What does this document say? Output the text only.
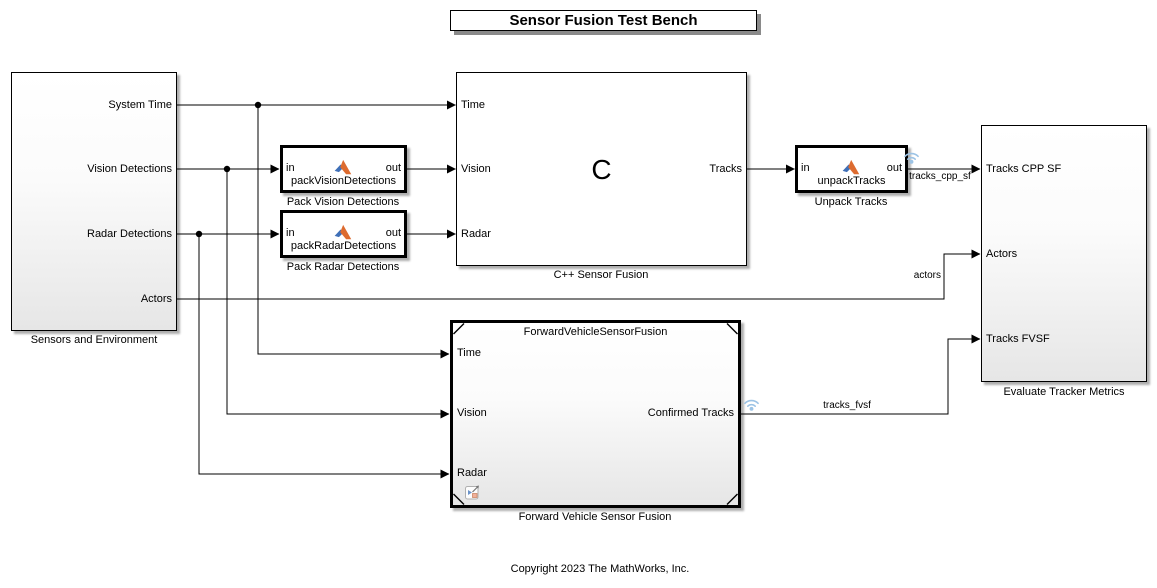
Sensor Fusion Test Bench
System Time
Vision Detections
Radar Detections
Actors
Sensors and Environment
in	out
packVisionDetections
Pack Vision Detections
in	out
packRadarDetections
Pack Radar Detections
Time
Vision
Radar
Tracks
C
C++ Sensor Fusion
in	out
unpackTracks
Unpack Tracks
ForwardVehicleSensorFusion
Time
Vision
Radar
Confirmed Tracks
Forward Vehicle Sensor Fusion
Tracks CPP SF
Actors
Tracks FVSF
Evaluate Tracker Metrics
tracks_cpp_sf
actors
tracks_fvsf
Copyright 2023 The MathWorks, Inc.
